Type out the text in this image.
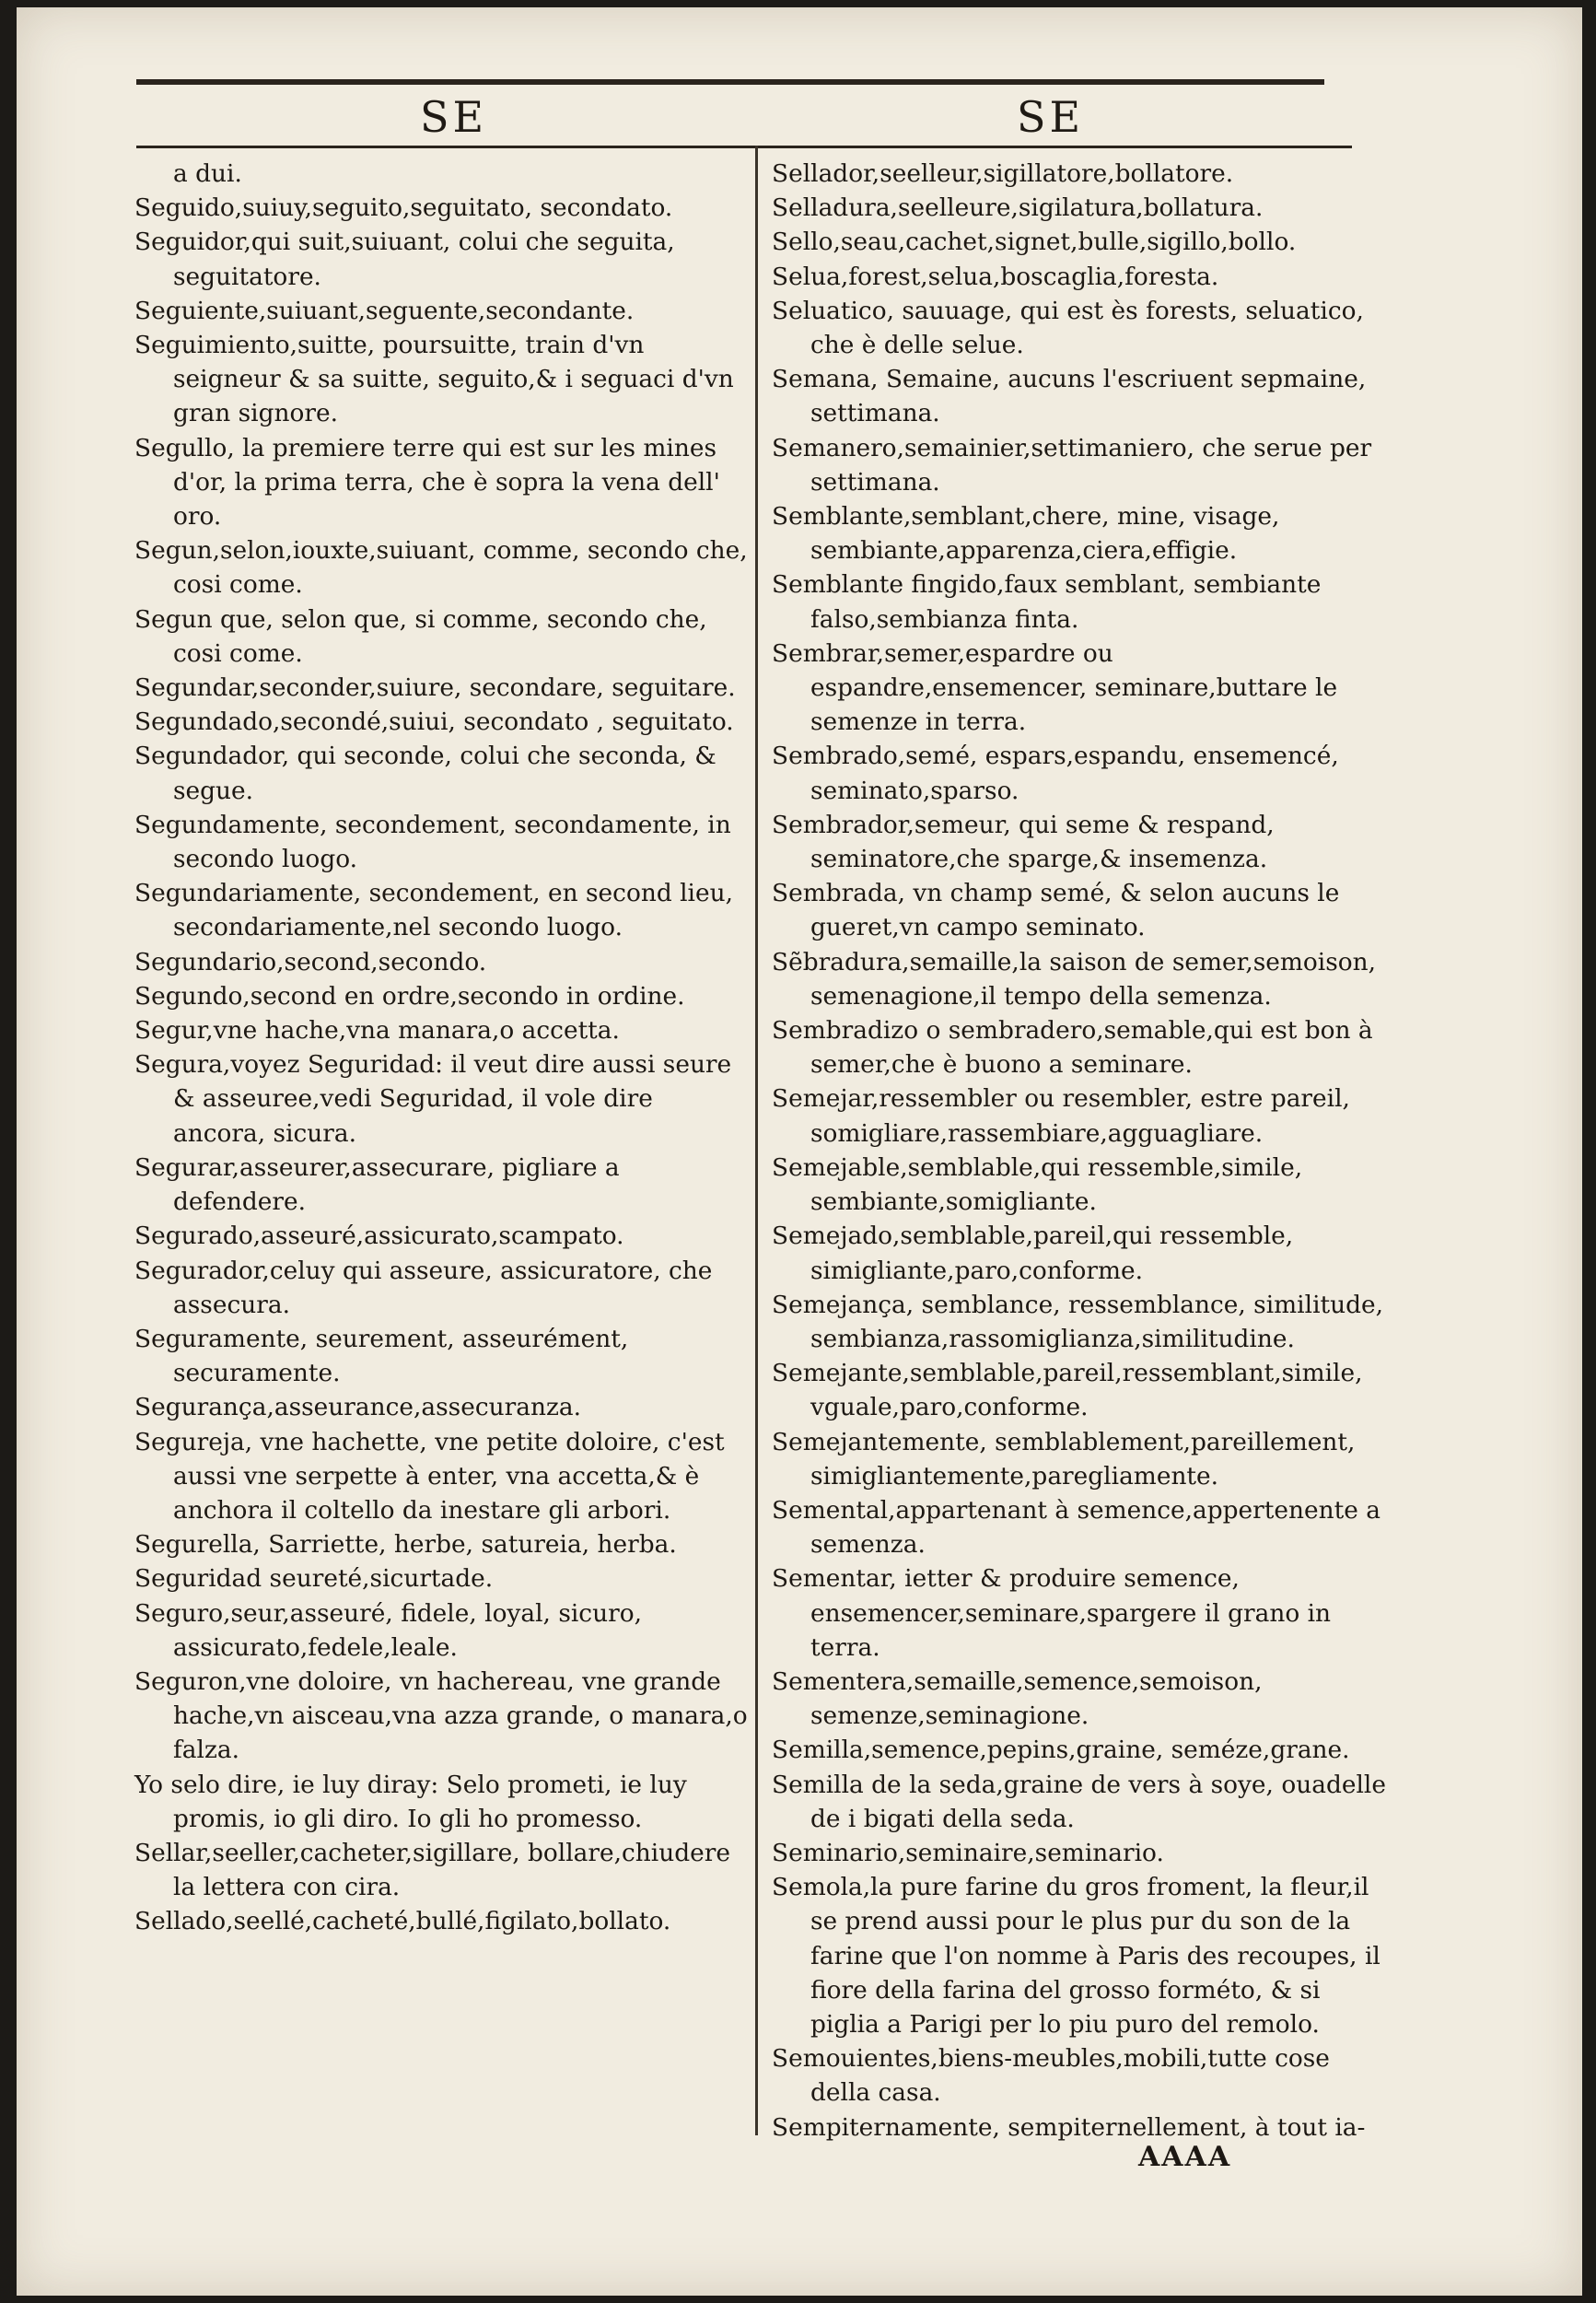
SE	SE

a dui.

Seguido,suiuy,seguito,seguitato, secondato.

Seguidor,qui suit,suiuant, colui che seguita, seguitatore.

Seguiente,suiuant,seguente,secondante.

Seguimiento,suitte, poursuitte, train d'vn seigneur & sa suitte, seguito,& i seguaci d'vn gran signore.

Segullo, la premiere terre qui est sur les mines d'or, la prima terra, che è sopra la vena dell' oro.

Segun,selon,iouxte,suiuant, comme, secondo che, cosi come.

Segun que, selon que, si comme, secondo che, cosi come.

Segundar,seconder,suiure, secondare, seguitare.

Segundado,secondé,suiui, secondato , seguitato.

Segundador, qui seconde, colui che seconda, & segue.

Segundamente, secondement, secondamente, in secondo luogo.

Segundariamente, secondement, en second lieu, secondariamente,nel secondo luogo.

Segundario,second,secondo.

Segundo,second en ordre,secondo in ordine.

Segur,vne hache,vna manara,o accetta.

Segura,voyez Seguridad: il veut dire aussi seure & asseuree,vedi Seguridad, il vole dire ancora, sicura.

Segurar,asseurer,assecurare, pigliare a defendere.

Segurado,asseuré,assicurato,scampato.

Segurador,celuy qui asseure, assicuratore, che assecura.

Seguramente, seurement, asseurément, securamente.

Segurança,asseurance,assecuranza.

Segureja, vne hachette, vne petite doloire, c'est aussi vne serpette à enter, vna accetta,& è anchora il coltello da inestare gli arbori.

Segurella, Sarriette, herbe, satureia, herba.

Seguridad seureté,sicurtade.

Seguro,seur,asseuré, fidele, loyal, sicuro, assicurato,fedele,leale.

Seguron,vne doloire, vn hachereau, vne grande hache,vn aisceau,vna azza grande, o manara,o falza.

Yo selo dire, ie luy diray: Selo prometi, ie luy promis, io gli diro. Io gli ho promesso.

Sellar,seeller,cacheter,sigillare, bollare,chiudere la lettera con cira.

Sellado,seellé,cacheté,bullé,figilato,bollato.

Sellador,seelleur,sigillatore,bollatore.

Selladura,seelleure,sigilatura,bollatura.

Sello,seau,cachet,signet,bulle,sigillo,bollo.

Selua,forest,selua,boscaglia,foresta.

Seluatico, sauuage, qui est ès forests, seluatico, che è delle selue.

Semana, Semaine, aucuns l'escriuent sepmaine, settimana.

Semanero,semainier,settimaniero, che serue per settimana.

Semblante,semblant,chere, mine, visage, sembiante,apparenza,ciera,effigie.

Semblante fingido,faux semblant, sembiante falso,sembianza finta.

Sembrar,semer,espardre ou espandre,ensemencer, seminare,buttare le semenze in terra.

Sembrado,semé, espars,espandu, ensemencé, seminato,sparso.

Sembrador,semeur, qui seme & respand, seminatore,che sparge,& insemenza.

Sembrada, vn champ semé, & selon aucuns le gueret,vn campo seminato.

Sẽbradura,semaille,la saison de semer,semoison, semenagione,il tempo della semenza.

Sembradizo o sembradero,semable,qui est bon à semer,che è buono a seminare.

Semejar,ressembler ou resembler, estre pareil, somigliare,rassembiare,agguagliare.

Semejable,semblable,qui ressemble,simile, sembiante,somigliante.

Semejado,semblable,pareil,qui ressemble, simigliante,paro,conforme.

Semejança, semblance, ressemblance, similitude, sembianza,rassomiglianza,similitudine.

Semejante,semblable,pareil,ressemblant,simile, vguale,paro,conforme.

Semejantemente, semblablement,pareillement, simigliantemente,paregliamente.

Semental,appartenant à semence,appertenente a semenza.

Sementar, ietter & produire semence, ensemencer,seminare,spargere il grano in terra.

Sementera,semaille,semence,semoison, semenze,seminagione.

Semilla,semence,pepins,graine, seméze,grane.

Semilla de la seda,graine de vers à soye, ouadelle de i bigati della seda.

Seminario,seminaire,seminario.

Semola,la pure farine du gros froment, la fleur,il se prend aussi pour le plus pur du son de la farine que l'on nomme à Paris des recoupes, il fiore della farina del grosso forméto, & si piglia a Parigi per lo piu puro del remolo.

Semouientes,biens-meubles,mobili,tutte cose della casa.

Sempiternamente, sempiternellement, à tout ia-

AAAA
